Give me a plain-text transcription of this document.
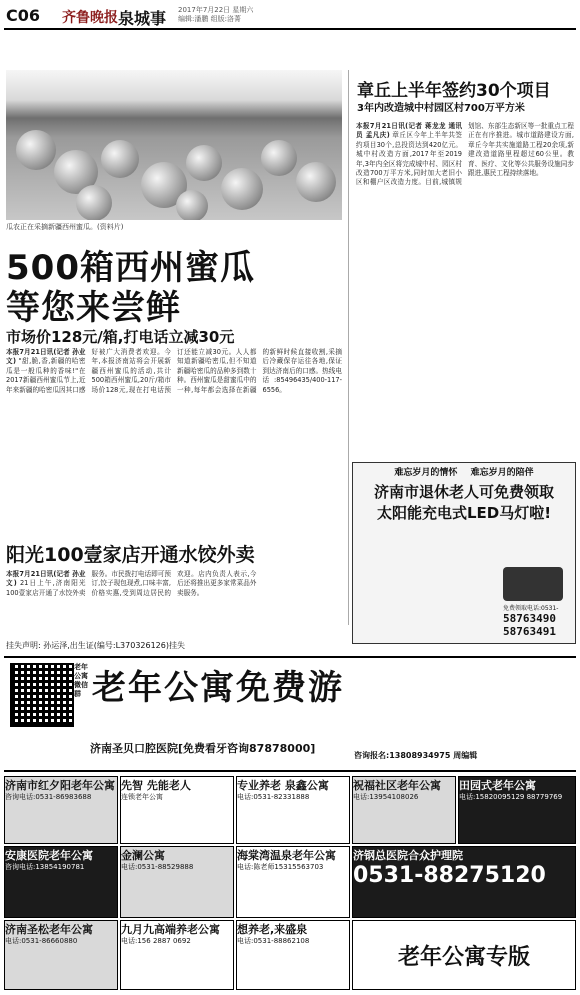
C06 齐鲁晚报 泉城事 2017年7月22日 星期六
编辑:潘鹏 组版:洛菁
瓜农正在采摘新疆西州蜜瓜。(资料片)
500箱西州蜜瓜
等您来尝鲜
市场价128元/箱,打电话立减30元
本报7月21日讯(记者 孙业文) "甜,脆,香,新疆的哈密瓜是一般瓜种的香味!"在2017新疆西州蜜瓜节上,近年来新疆的哈密瓜因其口感好被广大消费者欢迎。今年,本报济南站将会开展新疆西州蜜瓜的活动,共计500箱西州蜜瓜,20斤/箱市场价128元,现在打电话预订还能立减30元。人人都知道新疆哈密瓜,但不知道新疆哈密瓜的品种多到数十种。西州蜜瓜是甜蜜瓜中的一种,每年都会选择在新疆的新鲜时候直接收割,采摘后冷藏保存运往各地,保证到达济南后的口感。热线电话:85496435/400-117-6556。
章丘上半年签约30个项目
3年内改造城中村园区村700万平方米
本报7月21日讯(记者 蒋龙龙 通讯员 孟凡庆) 章丘区今年上半年共签约项目30个,总投资达到420亿元。城中村改造方面,2017年至2019年,3年内全区将完成城中村、园区村改造700万平方米,同时加大老旧小区和棚户区改造力度。目前,城镇规划馆、东部生态新区等一批重点工程正在有序推进。城市道路建设方面,章丘今年共实施道路工程20余项,新建改造道路里程超过60公里。教育、医疗、文化等公共服务设施同步跟进,惠民工程持续落地。
难忘岁月的情怀 难忘岁月的陪伴
济南市退休老人可免费领取
太阳能充电式LED马灯啦!
免费领取电话:0531-
58763490
58763491
阳光100壹家店开通水饺外卖
本报7月21日讯(记者 孙业文) 21日上午,济南阳光100壹家店开通了水饺外卖服务。市民拨打电话即可预订,饺子现包现煮,口味丰富,价格实惠,受到周边居民的欢迎。店内负责人表示,今后还将推出更多家常菜品外卖服务。
挂失声明: 孙运泽,出生证(编号:L370326126)挂失
老年公寓微信群 老年公寓免费游
济南圣贝口腔医院[免费看牙咨询87878000]
咨询报名:13808934975 周编辑
济南市红夕阳老年公寓
咨询电话:0531-86983688
先智 先能老人
连锁老年公寓
专业养老 泉鑫公寓
电话:0531-82331888
祝福社区老年公寓
电话:13954108026
田园式老年公寓
电话:15820095129 88779769
安康医院老年公寓
咨询电话:13854190781
金澜公寓
电话:0531-88529888
海棠湾温泉老年公寓
电话:陈老师15315563703
济钢总医院合众护理院
0531-88275120
济南圣松老年公寓
电话:0531-86660880
九月九高端养老公寓
电话:156 2887 0692
想养老,来盛泉
电话:0531-88862108
老年公寓专版
